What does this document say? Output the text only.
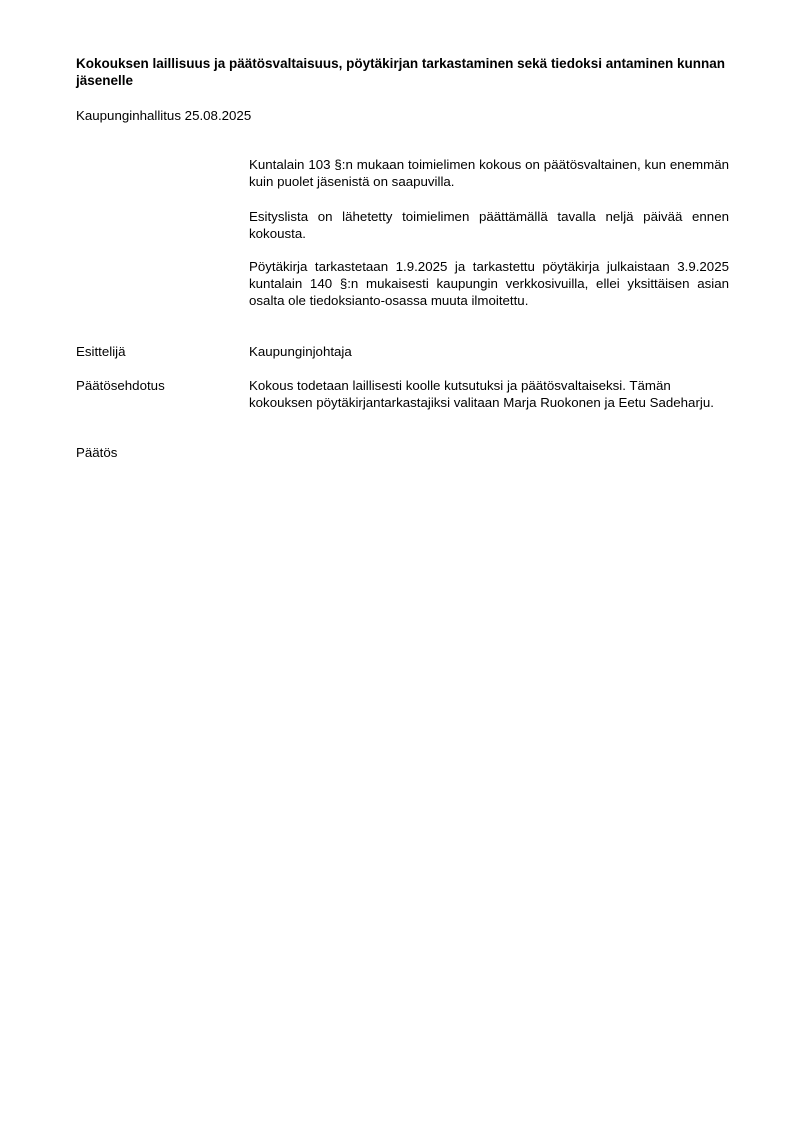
Kokouksen laillisuus ja päätösvaltaisuus, pöytäkirjan tarkastaminen sekä tiedoksi antaminen kunnan jäsenelle

Kaupunginhallitus 25.08.2025

Kuntalain 103 §:n mukaan toimielimen kokous on päätösvaltainen, kun enemmän kuin puolet jäsenistä on saapuvilla.

Esityslista on lähetetty toimielimen päättämällä tavalla neljä päivää ennen kokousta.

Pöytäkirja tarkastetaan 1.9.2025 ja tarkastettu pöytäkirja julkaistaan 3.9.2025 kuntalain 140 §:n mukaisesti kaupungin verkkosivuilla, ellei yksittäisen asian osalta ole tiedoksianto-osassa muuta ilmoitettu.

Esittelijä	Kaupunginjohtaja

Päätösehdotus	Kokous todetaan laillisesti koolle kutsutuksi ja päätösvaltaiseksi. Tämän kokouksen pöytäkirjantarkastajiksi valitaan Marja Ruokonen ja Eetu Sadeharju.

Päätös
